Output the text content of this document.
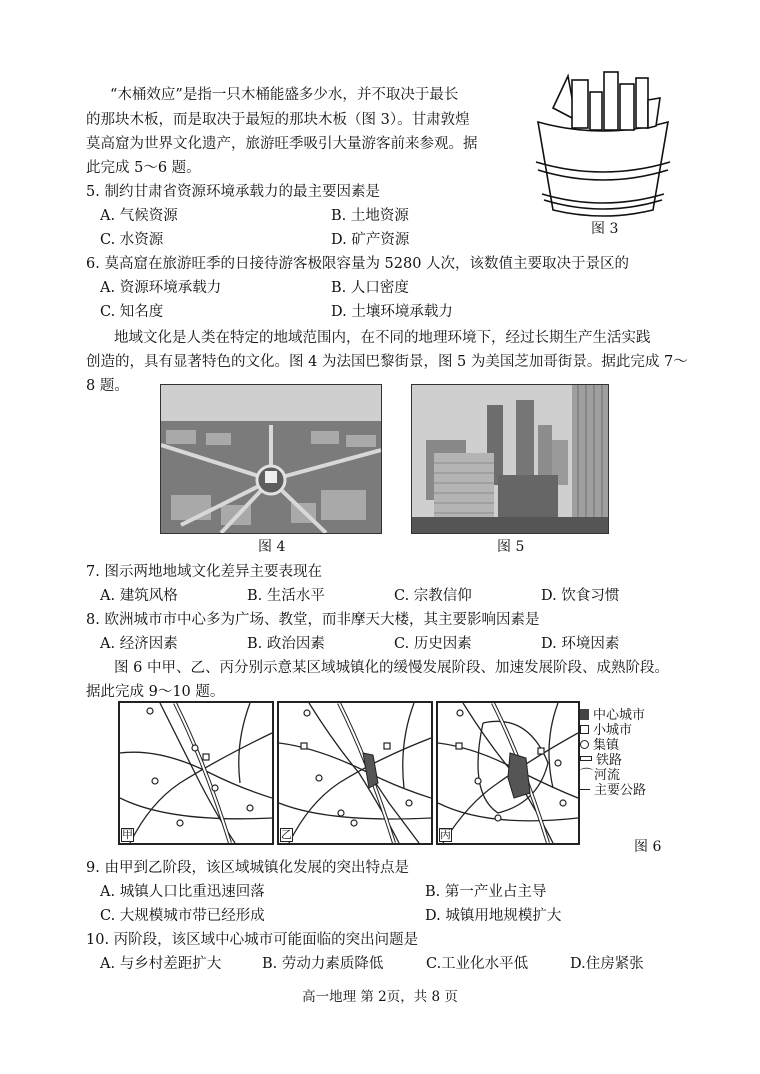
“木桶效应”是指一只木桶能盛多少水，并不取决于最长
的那块木板，而是取决于最短的那块木板（图 3）。甘肃敦煌
莫高窟为世界文化遗产，旅游旺季吸引大量游客前来参观。据
此完成 5～6 题。
图 3
5. 制约甘肃省资源环境承载力的最主要因素是
A. 气候资源	B. 土地资源
C. 水资源	D. 矿产资源
6. 莫高窟在旅游旺季的日接待游客极限容量为 5280 人次，该数值主要取决于景区的
A. 资源环境承载力	B. 人口密度
C. 知名度	D. 土壤环境承载力
地域文化是人类在特定的地域范围内，在不同的地理环境下，经过长期生产生活实践
创造的，具有显著特色的文化。图 4 为法国巴黎街景，图 5 为美国芝加哥街景。据此完成 7～
8 题。
图 4	图 5
7. 图示两地地域文化差异主要表现在
A. 建筑风格	B. 生活水平	C. 宗教信仰	D. 饮食习惯
8. 欧洲城市市中心多为广场、教堂，而非摩天大楼，其主要影响因素是
A. 经济因素	B. 政治因素	C. 历史因素	D. 环境因素
图 6 中甲、乙、丙分别示意某区域城镇化的缓慢发展阶段、加速发展阶段、成熟阶段。
据此完成 9～10 题。
甲	乙	丙
中心城市
小城市
集镇
铁路
⌒河流
主要公路
图 6
9. 由甲到乙阶段，该区域城镇化发展的突出特点是
A. 城镇人口比重迅速回落	B. 第一产业占主导
C. 大规模城市带已经形成	D. 城镇用地规模扩大
10. 丙阶段，该区域中心城市可能面临的突出问题是
A. 与乡村差距扩大	B. 劳动力素质降低	C.工业化水平低	D.住房紧张
高一地理 第 2页，共 8 页
